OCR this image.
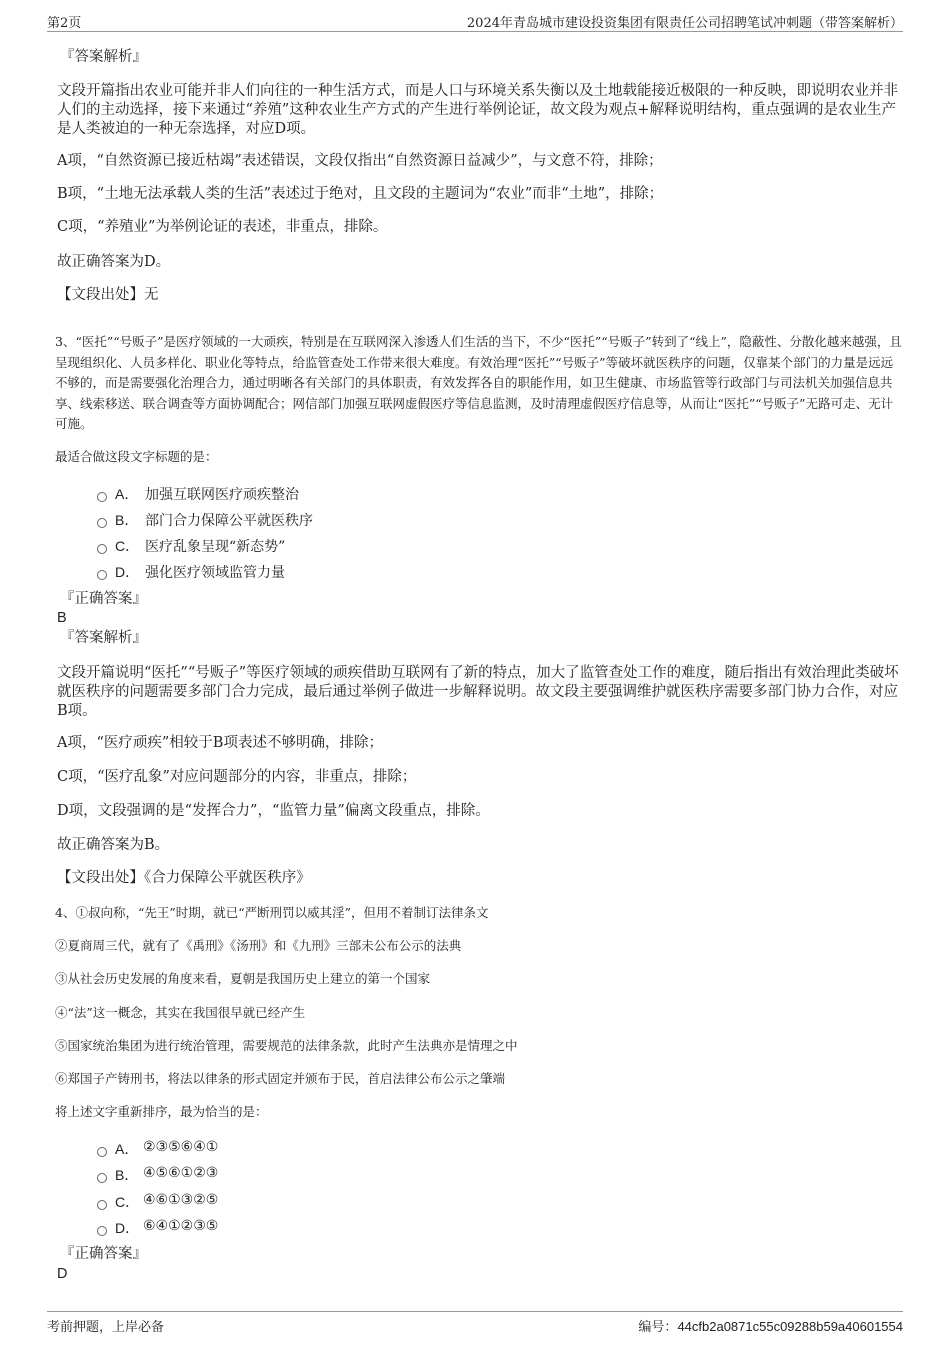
第2页	2024年青岛城市建设投资集团有限责任公司招聘笔试冲刺题（带答案解析）
『答案解析』
文段开篇指出农业可能并非人们向往的一种生活方式，而是人口与环境关系失衡以及土地载能接近极限的一种反映，即说明农业并非人们的主动选择，接下来通过“养殖”这种农业生产方式的产生进行举例论证，故文段为观点+解释说明结构，重点强调的是农业生产是人类被迫的一种无奈选择，对应D项。
A项，“自然资源已接近枯竭”表述错误，文段仅指出“自然资源日益减少”，与文意不符，排除；
B项，“土地无法承载人类的生活”表述过于绝对，且文段的主题词为“农业”而非“土地”，排除；
C项，“养殖业”为举例论证的表述，非重点，排除。
故正确答案为D。
【文段出处】无
3、“医托”“号贩子”是医疗领域的一大顽疾，特别是在互联网深入渗透人们生活的当下，不少“医托”“号贩子”转到了“线上”，隐蔽性、分散化越来越强，且呈现组织化、人员多样化、职业化等特点，给监管查处工作带来很大难度。有效治理“医托”“号贩子”等破坏就医秩序的问题，仅靠某个部门的力量是远远不够的，而是需要强化治理合力，通过明晰各有关部门的具体职责，有效发挥各自的职能作用，如卫生健康、市场监管等行政部门与司法机关加强信息共享、线索移送、联合调查等方面协调配合；网信部门加强互联网虚假医疗等信息监测，及时清理虚假医疗信息等，从而让“医托”“号贩子”无路可走、无计可施。
最适合做这段文字标题的是：
A． 加强互联网医疗顽疾整治
B． 部门合力保障公平就医秩序
C． 医疗乱象呈现“新态势”
D． 强化医疗领域监管力量
『正确答案』
B
『答案解析』
文段开篇说明“医托”“号贩子”等医疗领域的顽疾借助互联网有了新的特点，加大了监管查处工作的难度，随后指出有效治理此类破坏就医秩序的问题需要多部门合力完成，最后通过举例子做进一步解释说明。故文段主要强调维护就医秩序需要多部门协力合作，对应B项。
A项，“医疗顽疾”相较于B项表述不够明确，排除；
C项，“医疗乱象”对应问题部分的内容，非重点，排除；
D项，文段强调的是“发挥合力”，“监管力量”偏离文段重点，排除。
故正确答案为B。
【文段出处】《合力保障公平就医秩序》
4、①叔向称，“先王”时期，就已“严断刑罚以威其淫”，但用不着制订法律条文
②夏商周三代，就有了《禹刑》《汤刑》和《九刑》三部未公布公示的法典
③从社会历史发展的角度来看，夏朝是我国历史上建立的第一个国家
④“法”这一概念，其实在我国很早就已经产生
⑤国家统治集团为进行统治管理，需要规范的法律条款，此时产生法典亦是情理之中
⑥郑国子产铸刑书，将法以律条的形式固定并颁布于民，首启法律公布公示之肇端
将上述文字重新排序，最为恰当的是：
A． ②③⑤⑥④①
B． ④⑤⑥①②③
C． ④⑥①③②⑤
D． ⑥④①②③⑤
『正确答案』
D
考前押题，上岸必备	编号：44cfb2a0871c55c09288b59a40601554
